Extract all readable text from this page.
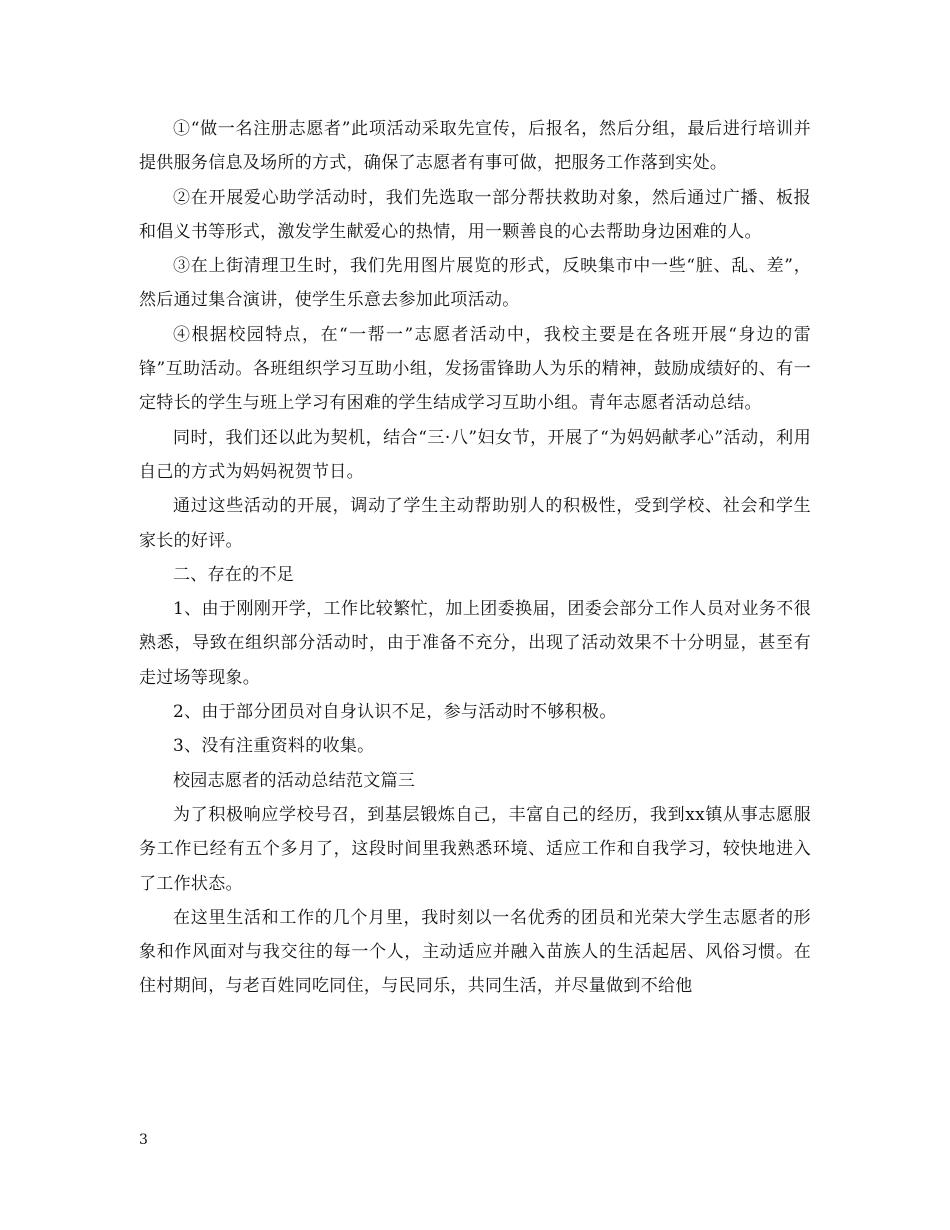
①“做一名注册志愿者”此项活动采取先宣传，后报名，然后分组，最后进行培训并提供服务信息及场所的方式，确保了志愿者有事可做，把服务工作落到实处。

②在开展爱心助学活动时，我们先选取一部分帮扶救助对象，然后通过广播、板报和倡义书等形式，激发学生献爱心的热情，用一颗善良的心去帮助身边困难的人。

③在上街清理卫生时，我们先用图片展览的形式，反映集市中一些“脏、乱、差”，然后通过集合演讲，使学生乐意去参加此项活动。

④根据校园特点，在“一帮一”志愿者活动中，我校主要是在各班开展“身边的雷锋”互助活动。各班组织学习互助小组，发扬雷锋助人为乐的精神，鼓励成绩好的、有一定特长的学生与班上学习有困难的学生结成学习互助小组。青年志愿者活动总结。

同时，我们还以此为契机，结合“三·八”妇女节，开展了“为妈妈献孝心”活动，利用自己的方式为妈妈祝贺节日。

通过这些活动的开展，调动了学生主动帮助别人的积极性，受到学校、社会和学生家长的好评。

二、存在的不足

1、由于刚刚开学，工作比较繁忙，加上团委换届，团委会部分工作人员对业务不很熟悉，导致在组织部分活动时，由于准备不充分，出现了活动效果不十分明显，甚至有走过场等现象。

2、由于部分团员对自身认识不足，参与活动时不够积极。

3、没有注重资料的收集。

校园志愿者的活动总结范文篇三

为了积极响应学校号召，到基层锻炼自己，丰富自己的经历，我到xx镇从事志愿服务工作已经有五个多月了，这段时间里我熟悉环境、适应工作和自我学习，较快地进入了工作状态。

在这里生活和工作的几个月里，我时刻以一名优秀的团员和光荣大学生志愿者的形象和作风面对与我交往的每一个人，主动适应并融入苗族人的生活起居、风俗习惯。在住村期间，与老百姓同吃同住，与民同乐，共同生活，并尽量做到不给他

3
